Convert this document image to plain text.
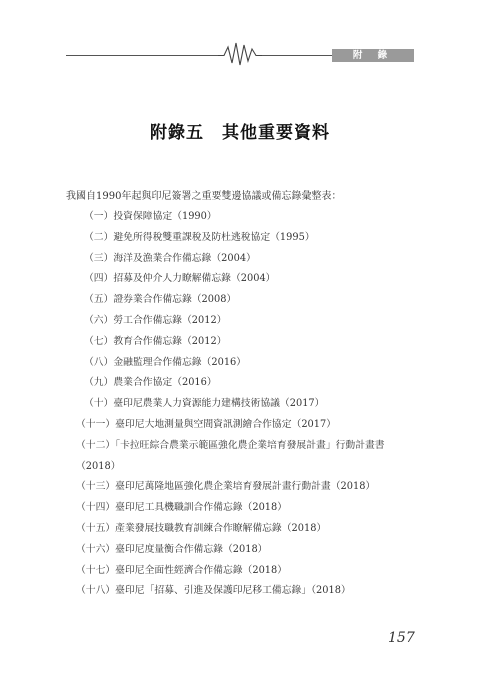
附 錄
附錄五　其他重要資料
我國自1990年起與印尼簽署之重要雙邊協議或備忘錄彙整表：
（一）投資保障協定（1990）
（二）避免所得稅雙重課稅及防杜逃稅協定（1995）
（三）海洋及漁業合作備忘錄（2004）
（四）招募及仲介人力瞭解備忘錄（2004）
（五）證券業合作備忘錄（2008）
（六）勞工合作備忘錄（2012）
（七）教育合作備忘錄（2012）
（八）金融監理合作備忘錄（2016）
（九）農業合作協定（2016）
（十）臺印尼農業人力資源能力建構技術協議（2017）
（十一）臺印尼大地測量與空間資訊測繪合作協定（2017）
（十二）「卡拉旺綜合農業示範區強化農企業培育發展計畫」行動計畫書
（2018）
（十三）臺印尼萬隆地區強化農企業培育發展計畫行動計畫（2018）
（十四）臺印尼工具機職訓合作備忘錄（2018）
（十五）產業發展技職教育訓練合作瞭解備忘錄（2018）
（十六）臺印尼度量衡合作備忘錄（2018）
（十七）臺印尼全面性經濟合作備忘錄（2018）
（十八）臺印尼「招募、引進及保護印尼移工備忘錄」（2018）
157
